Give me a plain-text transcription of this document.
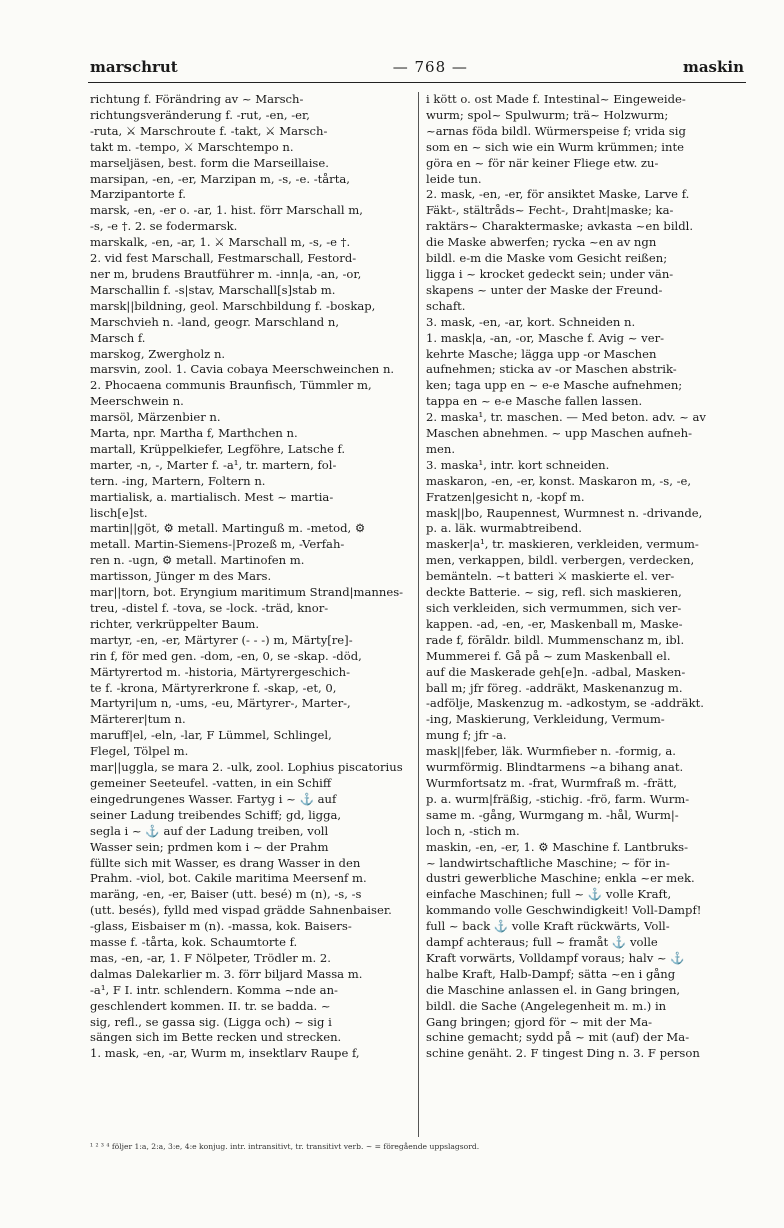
marschrut	— 768 —	maskin
richtung f. Förändring av ~ Marsch-
richtungsveränderung f. -rut, -en, -er,
-ruta, ⚔ Marschroute f. -takt, ⚔ Marsch-
takt m. -tempo, ⚔ Marschtempo n.
marseljäsen, best. form die Marseillaise.
marsipan, -en, -er, Marzipan m, -s, -e. -tårta,
Marzipantorte f.
marsk, -en, -er o. -ar, 1. hist. förr Marschall m,
-s, -e †. 2. se fodermarsk.
marskalk, -en, -ar, 1. ⚔ Marschall m, -s, -e †.
2. vid fest Marschall, Festmarschall, Festord-
ner m, brudens Brautführer m. -inn|a, -an, -or,
Marschallin f. -s|stav, Marschall[s]stab m.
marsk||bildning, geol. Marschbildung f. -boskap,
Marschvieh n. -land, geogr. Marschland n,
Marsch f.
marskog, Zwergholz n.
marsvin, zool. 1. Cavia cobaya Meerschweinchen n.
2. Phocaena communis Braunfisch, Tümmler m,
Meerschwein n.
marsöl, Märzenbier n.
Marta, npr. Martha f, Marthchen n.
martall, Krüppelkiefer, Legföhre, Latsche f.
marter, -n, -, Marter f. -a¹, tr. martern, fol-
tern. -ing, Martern, Foltern n.
martialisk, a. martialisch. Mest ~ martia-
lisch[e]st.
martin||göt, ⚙ metall. Martinguß m. -metod, ⚙
metall. Martin-Siemens-|Prozeß m, -Verfah-
ren n. -ugn, ⚙ metall. Martinofen m.
martisson, Jünger m des Mars.
mar||torn, bot. Eryngium maritimum Strand|mannes-
treu, -distel f. -tova, se -lock. -träd, knor-
richter, verkrüppelter Baum.
martyr, -en, -er, Märtyrer (- - -) m, Märty[re]-
rin f, för med gen. -dom, -en, 0, se -skap. -död,
Märtyrertod m. -historia, Märtyrergeschich-
te f. -krona, Märtyrerkrone f. -skap, -et, 0,
Martyri|um n, -ums, -eu, Märtyrer-, Marter-,
Märterer|tum n.
maruff|el, -eln, -lar, F Lümmel, Schlingel,
Flegel, Tölpel m.
mar||uggla, se mara 2. -ulk, zool. Lophius piscatorius
gemeiner Seeteufel. -vatten, in ein Schiff
eingedrungenes Wasser. Fartyg i ~ ⚓ auf
seiner Ladung treibendes Schiff; gd, ligga,
segla i ~ ⚓ auf der Ladung treiben, voll
Wasser sein; prdmen kom i ~ der Prahm
füllte sich mit Wasser, es drang Wasser in den
Prahm. -viol, bot. Cakile maritima Meersenf m.
maräng, -en, -er, Baiser (utt. besé) m (n), -s, -s
(utt. besés), fylld med vispad grädde Sahnenbaiser.
-glass, Eisbaiser m (n). -massa, kok. Baisers-
masse f. -tårta, kok. Schaumtorte f.
mas, -en, -ar, 1. F Nölpeter, Trödler m. 2.
dalmas Dalekarlier m. 3. förr biljard Massa m.
-a¹, F I. intr. schlendern. Komma ~nde an-
geschlendert kommen. II. tr. se badda. ~
sig, refl., se gassa sig. (Ligga och) ~ sig i
sängen sich im Bette recken und strecken.
1. mask, -en, -ar, Wurm m, insektlarv Raupe f,
i kött o. ost Made f. Intestinal~ Eingeweide-
wurm; spol~ Spulwurm; trä~ Holzwurm;
~arnas föda bildl. Würmerspeise f; vrida sig
som en ~ sich wie ein Wurm krümmen; inte
göra en ~ för när keiner Fliege etw. zu-
leide tun.
2. mask, -en, -er, för ansiktet Maske, Larve f.
Fäkt-, stältråds~ Fecht-, Draht|maske; ka-
raktärs~ Charaktermaske; avkasta ~en bildl.
die Maske abwerfen; rycka ~en av ngn
bildl. e-m die Maske vom Gesicht reißen;
ligga i ~ krocket gedeckt sein; under vän-
skapens ~ unter der Maske der Freund-
schaft.
3. mask, -en, -ar, kort. Schneiden n.
1. mask|a, -an, -or, Masche f. Avig ~ ver-
kehrte Masche; lägga upp -or Maschen
aufnehmen; sticka av -or Maschen abstrik-
ken; taga upp en ~ e-e Masche aufnehmen;
tappa en ~ e-e Masche fallen lassen.
2. maska¹, tr. maschen. — Med beton. adv. ~ av
Maschen abnehmen. ~ upp Maschen aufneh-
men.
3. maska¹, intr. kort schneiden.
maskaron, -en, -er, konst. Maskaron m, -s, -e,
Fratzen|gesicht n, -kopf m.
mask||bo, Raupennest, Wurmnest n. -drivande,
p. a. läk. wurmabtreibend.
masker|a¹, tr. maskieren, verkleiden, vermum-
men, verkappen, bildl. verbergen, verdecken,
bemänteln. ~t batteri ⚔ maskierte el. ver-
deckte Batterie. ~ sig, refl. sich maskieren,
sich verkleiden, sich vermummen, sich ver-
kappen. -ad, -en, -er, Maskenball m, Maske-
rade f, förāldr. bildl. Mummenschanz m, ibl.
Mummerei f. Gå på ~ zum Maskenball el.
auf die Maskerade geh[e]n. -adbal, Masken-
ball m; jfr föreg. -addräkt, Maskenanzug m.
-adfölje, Maskenzug m. -adkostym, se -addräkt.
-ing, Maskierung, Verkleidung, Vermum-
mung f; jfr -a.
mask||feber, läk. Wurmfieber n. -formig, a.
wurmförmig. Blindtarmens ~a bihang anat.
Wurmfortsatz m. -frat, Wurmfraß m. -frätt,
p. a. wurm|fräßig, -stichig. -frö, farm. Wurm-
same m. -gång, Wurmgang m. -hål, Wurm|-
loch n, -stich m.
maskin, -en, -er, 1. ⚙ Maschine f. Lantbruks-
~ landwirtschaftliche Maschine; ~ för in-
dustri gewerbliche Maschine; enkla ~er mek.
einfache Maschinen; full ~ ⚓ volle Kraft,
kommando volle Geschwindigkeit! Voll-Dampf!
full ~ back ⚓ volle Kraft rückwärts, Voll-
dampf achteraus; full ~ framåt ⚓ volle
Kraft vorwärts, Volldampf voraus; halv ~ ⚓
halbe Kraft, Halb-Dampf; sätta ~en i gång
die Maschine anlassen el. in Gang bringen,
bildl. die Sache (Angelegenheit m. m.) in
Gang bringen; gjord för ~ mit der Ma-
schine gemacht; sydd på ~ mit (auf) der Ma-
schine genäht. 2. F tingest Ding n. 3. F person
¹ ² ³ ⁴ följer 1:a, 2:a, 3:e, 4:e konjug. intr. intransitivt, tr. transitivt verb. ~ = föregående uppslagsord.
